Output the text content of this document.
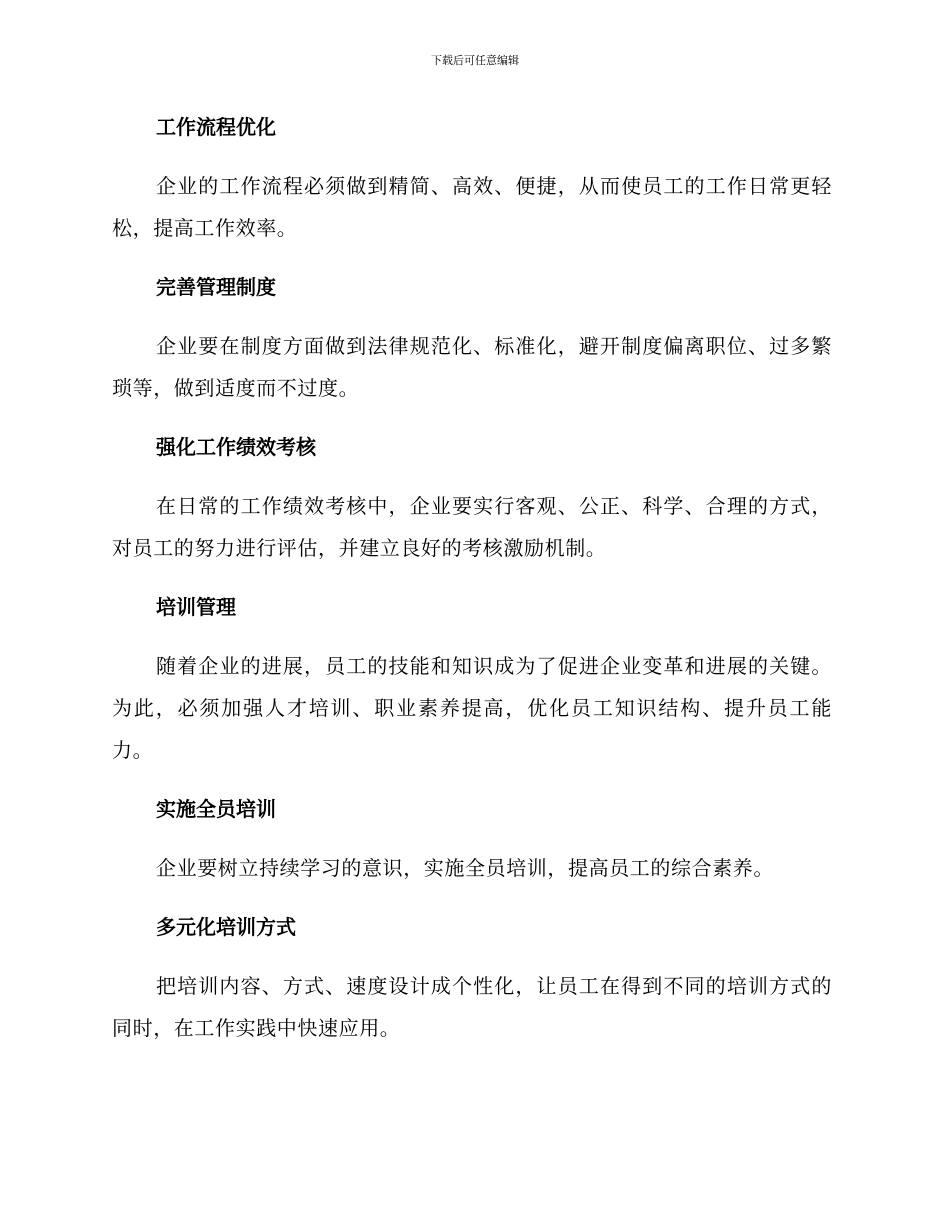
下载后可任意编辑
工作流程优化

企业的工作流程必须做到精简、高效、便捷，从而使员工的工作日常更轻松，提高工作效率。

完善管理制度

企业要在制度方面做到法律规范化、标准化，避开制度偏离职位、过多繁琐等，做到适度而不过度。

强化工作绩效考核

在日常的工作绩效考核中，企业要实行客观、公正、科学、合理的方式，对员工的努力进行评估，并建立良好的考核激励机制。

培训管理

随着企业的进展，员工的技能和知识成为了促进企业变革和进展的关键。为此，必须加强人才培训、职业素养提高，优化员工知识结构、提升员工能力。

实施全员培训

企业要树立持续学习的意识，实施全员培训，提高员工的综合素养。

多元化培训方式

把培训内容、方式、速度设计成个性化，让员工在得到不同的培训方式的同时，在工作实践中快速应用。
